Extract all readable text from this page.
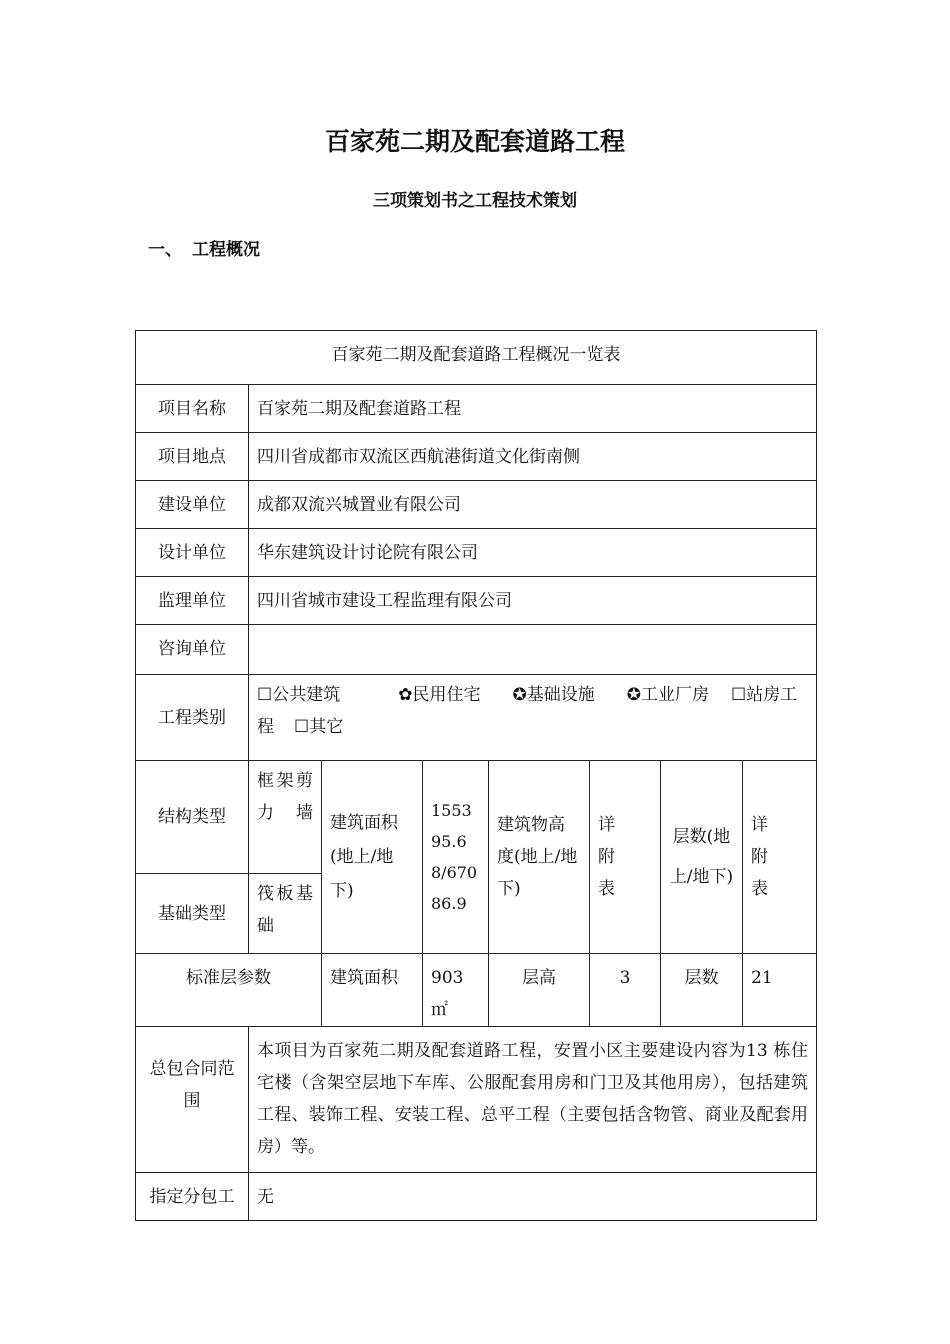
百家苑二期及配套道路工程
三项策划书之工程技术策划
一、 工程概况
百家苑二期及配套道路工程概况一览表							
项目名称	百家苑二期及配套道路工程						
项目地点	四川省成都市双流区西航港街道文化街南侧						
建设单位	成都双流兴城置业有限公司						
设计单位	华东建筑设计讨论院有限公司						
监理单位	四川省城市建设工程监理有限公司						
咨询单位							
工程类别	☐公共建筑 ✿民用住宅 ✪基础设施 ✪工业厂房 ☐站房工程 ☐其它						
结构类型	框架剪力墙	建筑面积(地上/地下)	155395.68/67086.9	建筑物高度(地上/地下)	详附表	层数(地上/地下)	详附表
基础类型	筏板基础						
标准层参数		建筑面积	903㎡	层高	3	层数	21
总包合同范围	本项目为百家苑二期及配套道路工程，安置小区主要建设内容为13 栋住宅楼（含架空层地下车库、公服配套用房和门卫及其他用房），包括建筑工程、装饰工程、安装工程、总平工程（主要包括含物管、商业及配套用房）等。						
指定分包工	无						
